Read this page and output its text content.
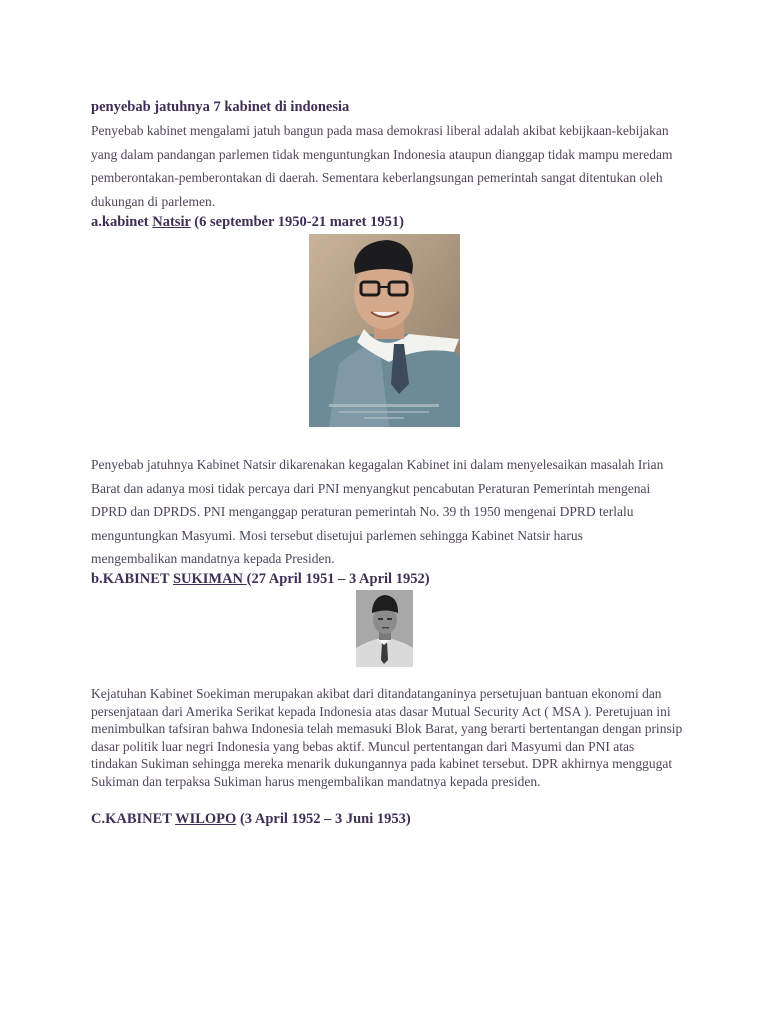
penyebab jatuhnya 7 kabinet di indonesia
Penyebab kabinet mengalami jatuh bangun pada masa demokrasi liberal adalah akibat kebijkaan-kebijakan yang dalam pandangan parlemen tidak menguntungkan Indonesia ataupun dianggap tidak mampu meredam pemberontakan-pemberontakan di daerah. Sementara keberlangsungan pemerintah sangat ditentukan oleh dukungan di parlemen.
a.kabinet Natsir (6 september 1950-21 maret 1951)
Penyebab jatuhnya Kabinet Natsir dikarenakan kegagalan Kabinet ini dalam menyelesaikan masalah Irian Barat dan adanya mosi tidak percaya dari PNI menyangkut pencabutan Peraturan Pemerintah mengenai DPRD dan DPRDS. PNI menganggap peraturan pemerintah No. 39 th 1950 mengenai DPRD terlalu menguntungkan Masyumi. Mosi tersebut disetujui parlemen sehingga Kabinet Natsir harus mengembalikan mandatnya kepada Presiden.
b.KABINET SUKIMAN (27 April 1951 – 3 April 1952)
Kejatuhan Kabinet Soekiman merupakan akibat dari ditandatanganinya persetujuan bantuan ekonomi dan persenjataan dari Amerika Serikat kepada Indonesia atas dasar Mutual Security Act ( MSA ). Peretujuan ini menimbulkan tafsiran bahwa Indonesia telah memasuki Blok Barat, yang berarti bertentangan dengan prinsip dasar politik luar negri Indonesia yang bebas aktif. Muncul pertentangan dari Masyumi dan PNI atas tindakan Sukiman sehingga mereka menarik dukungannya pada kabinet tersebut. DPR akhirnya menggugat Sukiman dan terpaksa Sukiman harus mengembalikan mandatnya kepada presiden.
C.KABINET WILOPO (3 April 1952 – 3 Juni 1953)
